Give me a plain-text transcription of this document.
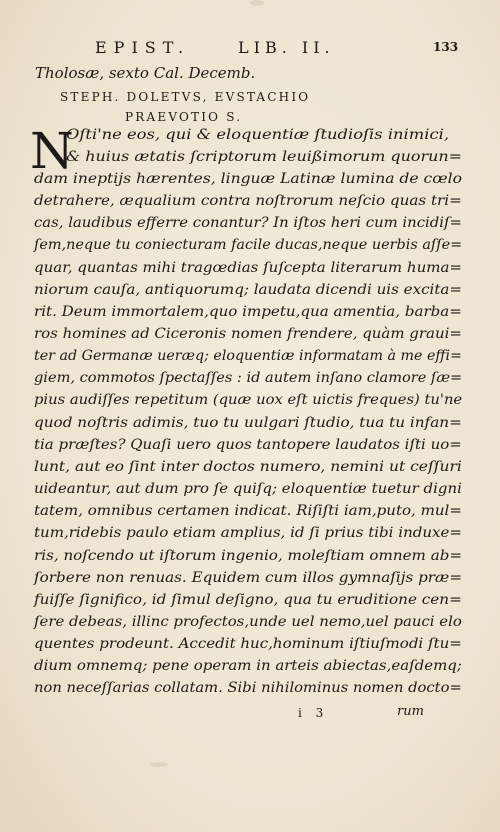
EPIST.	LIB. II.	133
Tholosæ, sexto Cal. Decemb.
STEPH. DOLETVS, EVSTACHIO
PRAEVOTIO S.
N
Oſti'ne eos, qui & eloquentiæ ſtudioſis inimici,
& huius ætatis ſcriptorum leuißimorum quorun=
dam ineptijs hærentes, linguæ Latinæ lumina de cœlo
detrahere, æqualium contra noſtrorum neſcio quas tri=
cas, laudibus efferre conantur? In iſtos heri cum incidiſ=
ſem,neque tu coniecturam facile ducas,neque uerbis aſſe=
quar, quantas mihi tragœdias ſuſcepta literarum huma=
niorum cauſa, antiquorumq; laudata dicendi uis excita=
rit. Deum immortalem,quo impetu,qua amentia, barba=
ros homines ad Ciceronis nomen frendere, quàm graui=
ter ad Germanæ ueræq; eloquentiæ informatam à me effi=
giem, commotos ſpectaſſes : id autem inſano clamore ſæ=
pius audiſſes repetitum (quæ uox eſt uictis freques) tu'ne
quod noſtris adimis, tuo tu uulgari ſtudio, tua tu infan=
tia præſtes? Quaſi uero quos tantopere laudatos iſti uo=
lunt, aut eo ſint inter doctos numero, nemini ut ceſſuri
uideantur, aut dum pro ſe quiſq; eloquentiæ tuetur digni
tatem, omnibus certamen indicat. Riſiſti iam,puto, mul=
tum,ridebis paulo etiam amplius, id ſi prius tibi induxe=
ris, noſcendo ut iſtorum ingenio, moleſtiam omnem ab=
ſorbere non renuas. Equidem cum illos gymnaſijs præ=
fuiſſe ſignifico, id ſimul deſigno, qua tu eruditione cen=
ſere debeas, illinc profectos,unde uel nemo,uel pauci elo
quentes prodeunt. Accedit huc,hominum iſtiuſmodi ſtu=
dium omnemq; pene operam in arteis abiectas,eaſdemq;
non neceſſarias collatam. Sibi nihilominus nomen docto=
i 3	rum
